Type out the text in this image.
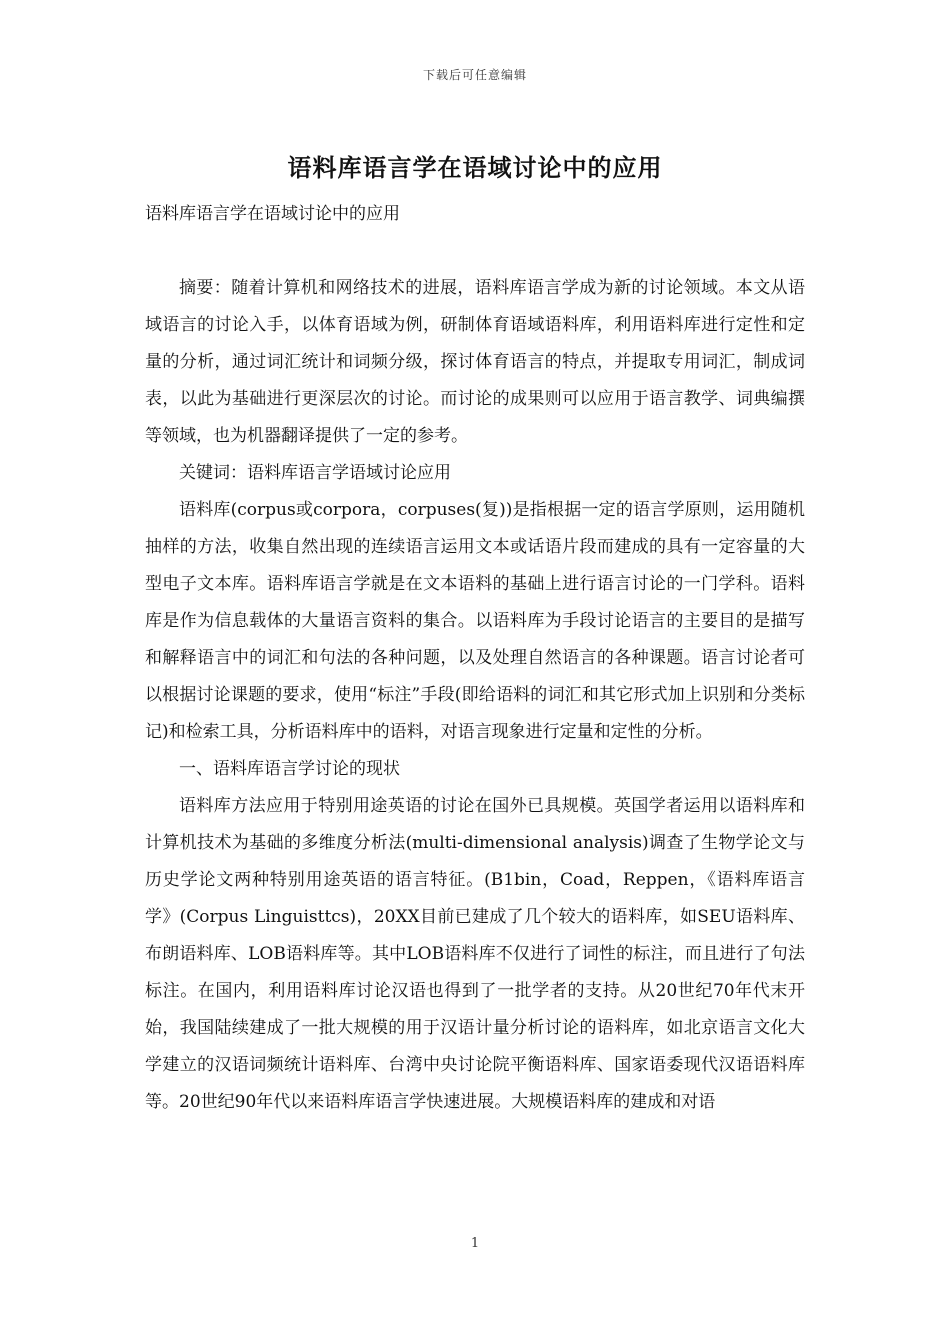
下载后可任意编辑
语料库语言学在语域讨论中的应用

语料库语言学在语域讨论中的应用

摘要：随着计算机和网络技术的进展，语料库语言学成为新的讨论领域。本文从语域语言的讨论入手，以体育语域为例，研制体育语域语料库，利用语料库进行定性和定量的分析，通过词汇统计和词频分级，探讨体育语言的特点，并提取专用词汇，制成词表，以此为基础进行更深层次的讨论。而讨论的成果则可以应用于语言教学、词典编撰等领域，也为机器翻译提供了一定的参考。

关键词：语料库语言学语域讨论应用

语料库(corpus或corpora，corpuses(复))是指根据一定的语言学原则，运用随机抽样的方法，收集自然出现的连续语言运用文本或话语片段而建成的具有一定容量的大型电子文本库。语料库语言学就是在文本语料的基础上进行语言讨论的一门学科。语料库是作为信息载体的大量语言资料的集合。以语料库为手段讨论语言的主要目的是描写和解释语言中的词汇和句法的各种问题，以及处理自然语言的各种课题。语言讨论者可以根据讨论课题的要求，使用“标注”手段(即给语料的词汇和其它形式加上识别和分类标记)和检索工具，分析语料库中的语料，对语言现象进行定量和定性的分析。

一、语料库语言学讨论的现状

语料库方法应用于特别用途英语的讨论在国外已具规模。英国学者运用以语料库和计算机技术为基础的多维度分析法(multi-dimensional analysis)调查了生物学论文与历史学论文两种特别用途英语的语言特征。(B1bin，Coad，Reppen，《语料库语言学》(Corpus Linguisttcs)，20XX目前已建成了几个较大的语料库，如SEU语料库、布朗语料库、LOB语料库等。其中LOB语料库不仅进行了词性的标注，而且进行了句法标注。在国内，利用语料库讨论汉语也得到了一批学者的支持。从20世纪70年代末开始，我国陆续建成了一批大规模的用于汉语计量分析讨论的语料库，如北京语言文化大学建立的汉语词频统计语料库、台湾中央讨论院平衡语料库、国家语委现代汉语语料库等。20世纪90年代以来语料库语言学快速进展。大规模语料库的建成和对语

1
